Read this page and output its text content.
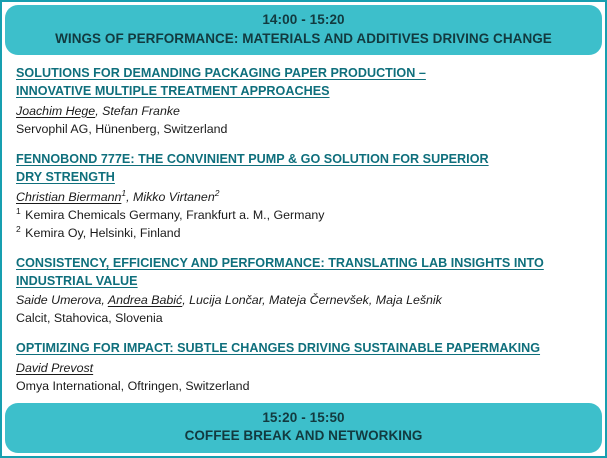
14:00 - 15:20
WINGS OF PERFORMANCE: MATERIALS AND ADDITIVES DRIVING CHANGE
SOLUTIONS FOR DEMANDING PACKAGING PAPER PRODUCTION –
INNOVATIVE MULTIPLE TREATMENT APPROACHES
Joachim Hege, Stefan Franke
Servophil AG, Hünenberg, Switzerland
FENNOBOND 777E: THE CONVINIENT PUMP & GO SOLUTION FOR SUPERIOR
DRY STRENGTH
Christian Biermann$^1$, Mikko Virtanen$^2$
$^1$ Kemira Chemicals Germany, Frankfurt a. M., Germany
$^2$ Kemira Oy, Helsinki, Finland
CONSISTENCY, EFFICIENCY AND PERFORMANCE: TRANSLATING LAB INSIGHTS INTO
INDUSTRIAL VALUE
Saide Umerova, Andrea Babić, Lucija Lončar, Mateja Černevšek, Maja Lešnik
Calcit, Stahovica, Slovenia
OPTIMIZING FOR IMPACT: SUBTLE CHANGES DRIVING SUSTAINABLE PAPERMAKING
David Prevost
Omya International, Oftringen, Switzerland
15:20 - 15:50
COFFEE BREAK AND NETWORKING
